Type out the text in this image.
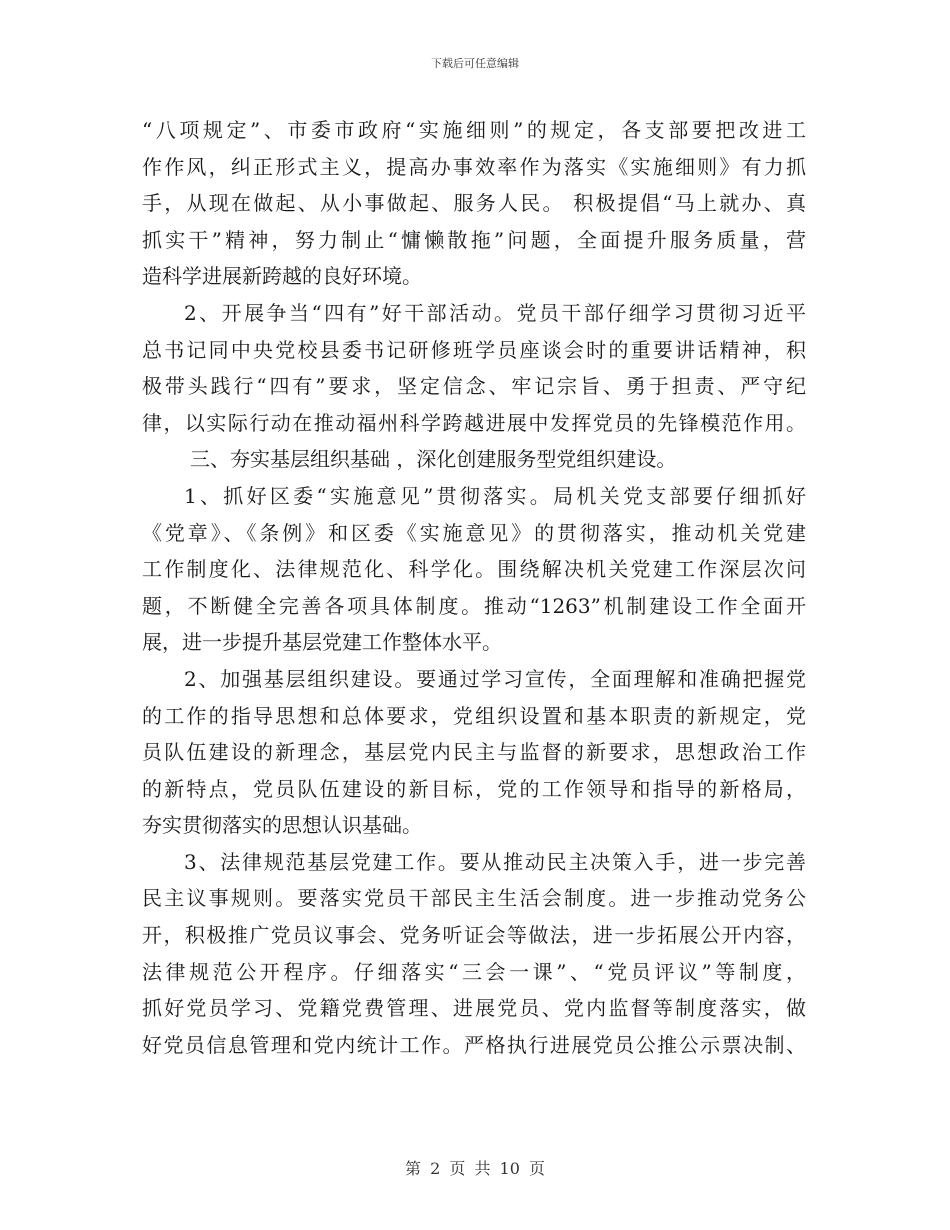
下载后可任意编辑
“八项规定”、市委市政府“实施细则”的规定，各支部要把改进工
作作风，纠正形式主义，提高办事效率作为落实《实施细则》有力抓
手，从现在做起、从小事做起、服务人民。 积极提倡“马上就办、真
抓实干”精神，努力制止“慵懒散拖”问题，全面提升服务质量，营
造科学进展新跨越的良好环境。
2、开展争当“四有”好干部活动。党员干部仔细学习贯彻习近平
总书记同中央党校县委书记研修班学员座谈会时的重要讲话精神，积
极带头践行“四有”要求，坚定信念、牢记宗旨、勇于担责、严守纪
律，以实际行动在推动福州科学跨越进展中发挥党员的先锋模范作用。
三、夯实基层组织基础 ，深化创建服务型党组织建设。
1、抓好区委“实施意见”贯彻落实。局机关党支部要仔细抓好
《党章》、《条例》和区委《实施意见》的贯彻落实，推动机关党建
工作制度化、法律规范化、科学化。围绕解决机关党建工作深层次问
题，不断健全完善各项具体制度。推动“1263”机制建设工作全面开
展，进一步提升基层党建工作整体水平。
2、加强基层组织建设。要通过学习宣传，全面理解和准确把握党
的工作的指导思想和总体要求，党组织设置和基本职责的新规定，党
员队伍建设的新理念，基层党内民主与监督的新要求，思想政治工作
的新特点，党员队伍建设的新目标，党的工作领导和指导的新格局，
夯实贯彻落实的思想认识基础。
3、法律规范基层党建工作。要从推动民主决策入手，进一步完善
民主议事规则。要落实党员干部民主生活会制度。进一步推动党务公
开，积极推广党员议事会、党务听证会等做法，进一步拓展公开内容，
法律规范公开程序。仔细落实“三会一课”、“党员评议”等制度，
抓好党员学习、党籍党费管理、进展党员、党内监督等制度落实，做
好党员信息管理和党内统计工作。严格执行进展党员公推公示票决制、
第 2 页 共 10 页
